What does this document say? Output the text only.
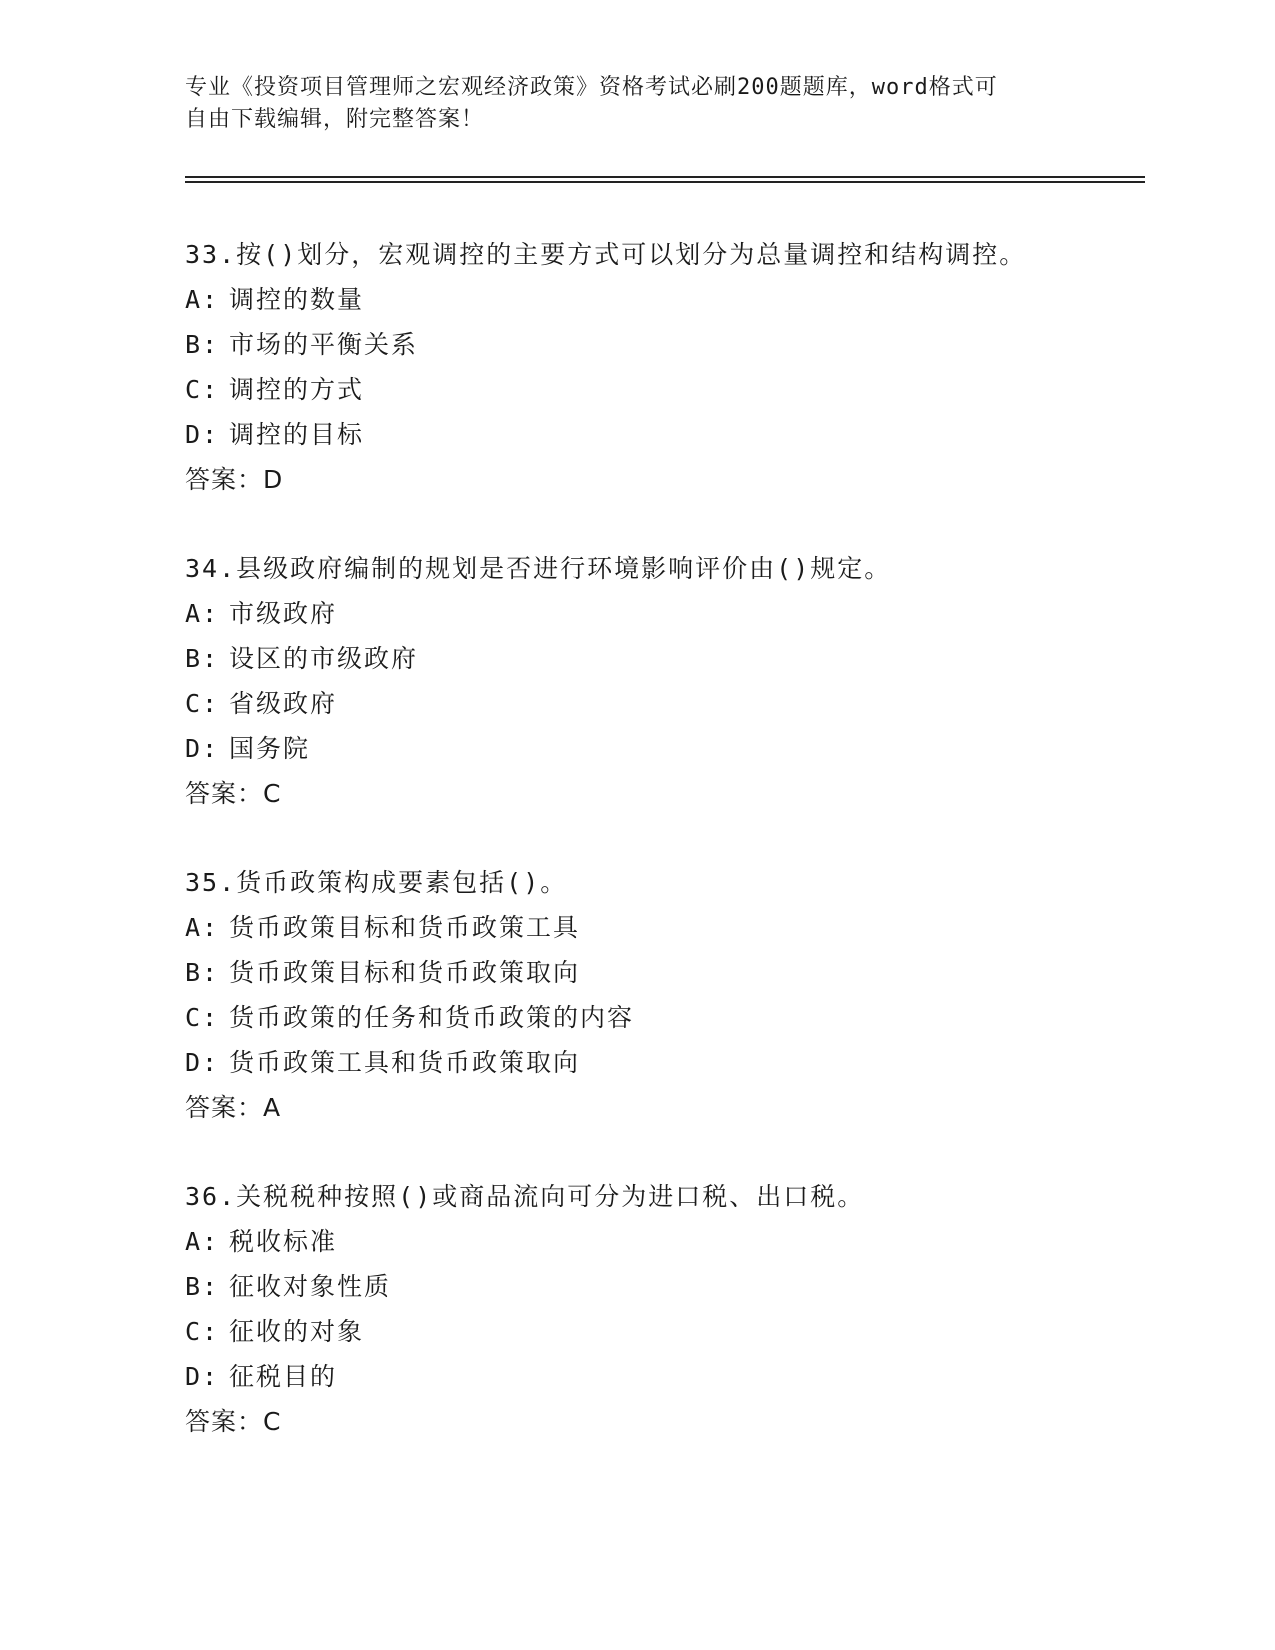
专业《投资项目管理师之宏观经济政策》资格考试必刷200题题库，word格式可
自由下载编辑，附完整答案！
33.按()划分，宏观调控的主要方式可以划分为总量调控和结构调控。
A: 调控的数量
B: 市场的平衡关系
C: 调控的方式
D: 调控的目标
答案：D
34.县级政府编制的规划是否进行环境影响评价由()规定。
A: 市级政府
B: 设区的市级政府
C: 省级政府
D: 国务院
答案：C
35.货币政策构成要素包括()。
A: 货币政策目标和货币政策工具
B: 货币政策目标和货币政策取向
C: 货币政策的任务和货币政策的内容
D: 货币政策工具和货币政策取向
答案：A
36.关税税种按照()或商品流向可分为进口税、出口税。
A: 税收标准
B: 征收对象性质
C: 征收的对象
D: 征税目的
答案：C
